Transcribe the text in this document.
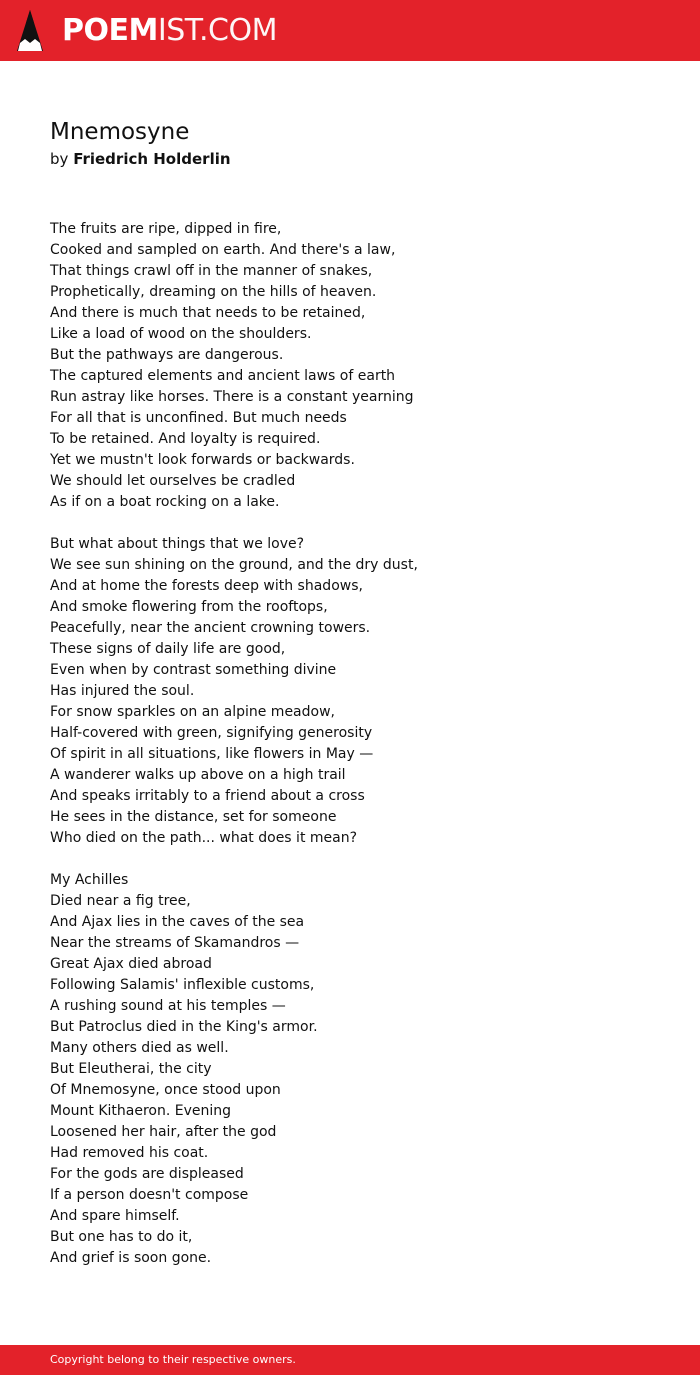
POEMIST.COM
Mnemosyne
by Friedrich Holderlin
The fruits are ripe, dipped in fire,
Cooked and sampled on earth. And there's a law,
That things crawl off in the manner of snakes,
Prophetically, dreaming on the hills of heaven.
And there is much that needs to be retained,
Like a load of wood on the shoulders.
But the pathways are dangerous.
The captured elements and ancient laws of earth
Run astray like horses. There is a constant yearning
For all that is unconfined. But much needs
To be retained. And loyalty is required.
Yet we mustn't look forwards or backwards.
We should let ourselves be cradled
As if on a boat rocking on a lake.
But what about things that we love?
We see sun shining on the ground, and the dry dust,
And at home the forests deep with shadows,
And smoke flowering from the rooftops,
Peacefully, near the ancient crowning towers.
These signs of daily life are good,
Even when by contrast something divine
Has injured the soul.
For snow sparkles on an alpine meadow,
Half-covered with green, signifying generosity
Of spirit in all situations, like flowers in May —
A wanderer walks up above on a high trail
And speaks irritably to a friend about a cross
He sees in the distance, set for someone
Who died on the path... what does it mean?
My Achilles
Died near a fig tree,
And Ajax lies in the caves of the sea
Near the streams of Skamandros —
Great Ajax died abroad
Following Salamis' inflexible customs,
A rushing sound at his temples —
But Patroclus died in the King's armor.
Many others died as well.
But Eleutherai, the city
Of Mnemosyne, once stood upon
Mount Kithaeron. Evening
Loosened her hair, after the god
Had removed his coat.
For the gods are displeased
If a person doesn't compose
And spare himself.
But one has to do it,
And grief is soon gone.
Copyright belong to their respective owners.
